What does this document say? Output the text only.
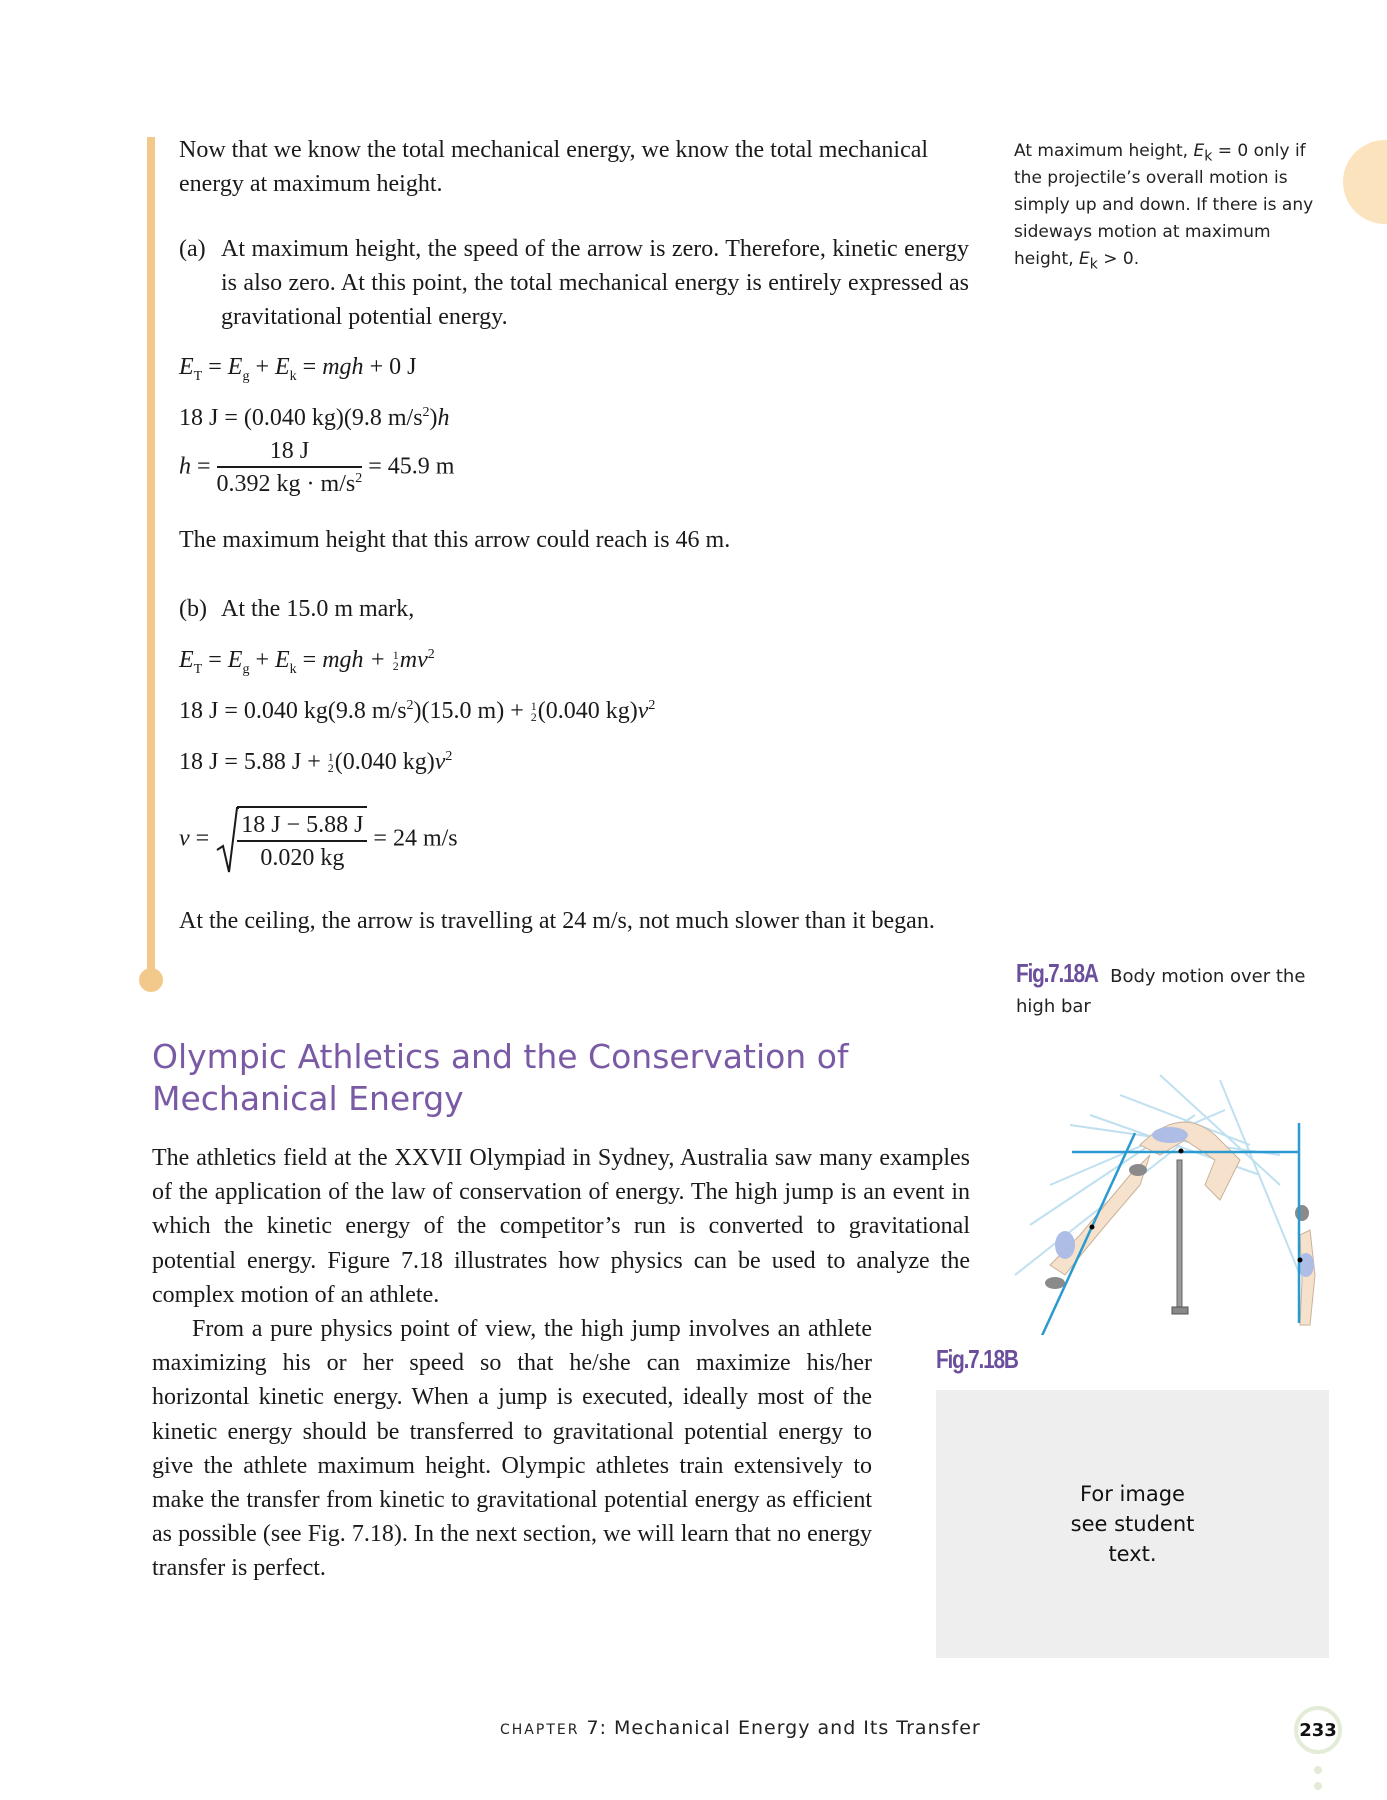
At maximum height, $E_k = 0$ only if the projectile’s overall motion is simply up and down. If there is any sideways motion at maximum height, $E_k > 0$.
Now that we know the total mechanical energy, we know the total mechanical energy at maximum height.
(a) At maximum height, the speed of the arrow is zero. Therefore, kinetic energy is also zero. At this point, the total mechanical energy is entirely expressed as gravitational potential energy.
$E_T = E_g + E_k$ = mgh + 0 J
18 J = (0.040 kg)(9.8 $m/s^2)h$
$h = \frac{18 J}{0.392 kg \cdot m/s^2} = 45.9$ m
The maximum height that this arrow could reach is 46 m.
(b) At the 15.0 m mark,
$E_T = E_g + E_k$ = mgh + 1
2 $mv^2$
18 J = 0.040 kg(9.8 $m/s^2)(15.0$ m) + 1
2 (0.040 $kg)v^2$
18 J = 5.88 J + 1
2 (0.040 $kg)v^2$
$v = \frac{18 J - 5.88 J}{0.020 kg} = 24$ m/s
At the ceiling, the arrow is travelling at 24 m/s, not much slower than it began.
Olympic Athletics and the Conservation of Mechanical Energy
The athletics field at the XXVII Olympiad in Sydney, Australia saw many examples of the application of the law of conservation of energy. The high jump is an event in which the kinetic energy of the competitor’s run is converted to gravitational potential energy. Figure 7.18 illustrates how physics can be used to analyze the complex motion of an athlete.
From a pure physics point of view, the high jump involves an athlete maximizing his or her speed so that he/she can maximize his/her horizontal kinetic energy. When a jump is executed, ideally most of the kinetic energy should be transferred to gravitational potential energy to give the athlete maximum height. Olympic athletes train extensively to make the transfer from kinetic to gravitational potential energy as efficient as possible (see Fig. 7.18). In the next section, we will learn that no energy transfer is perfect.
Fig.7.18A Body motion over the high bar
Fig.7.18B
For image see student text.
CHAPTER 7: Mechanical Energy and Its Transfer	233
